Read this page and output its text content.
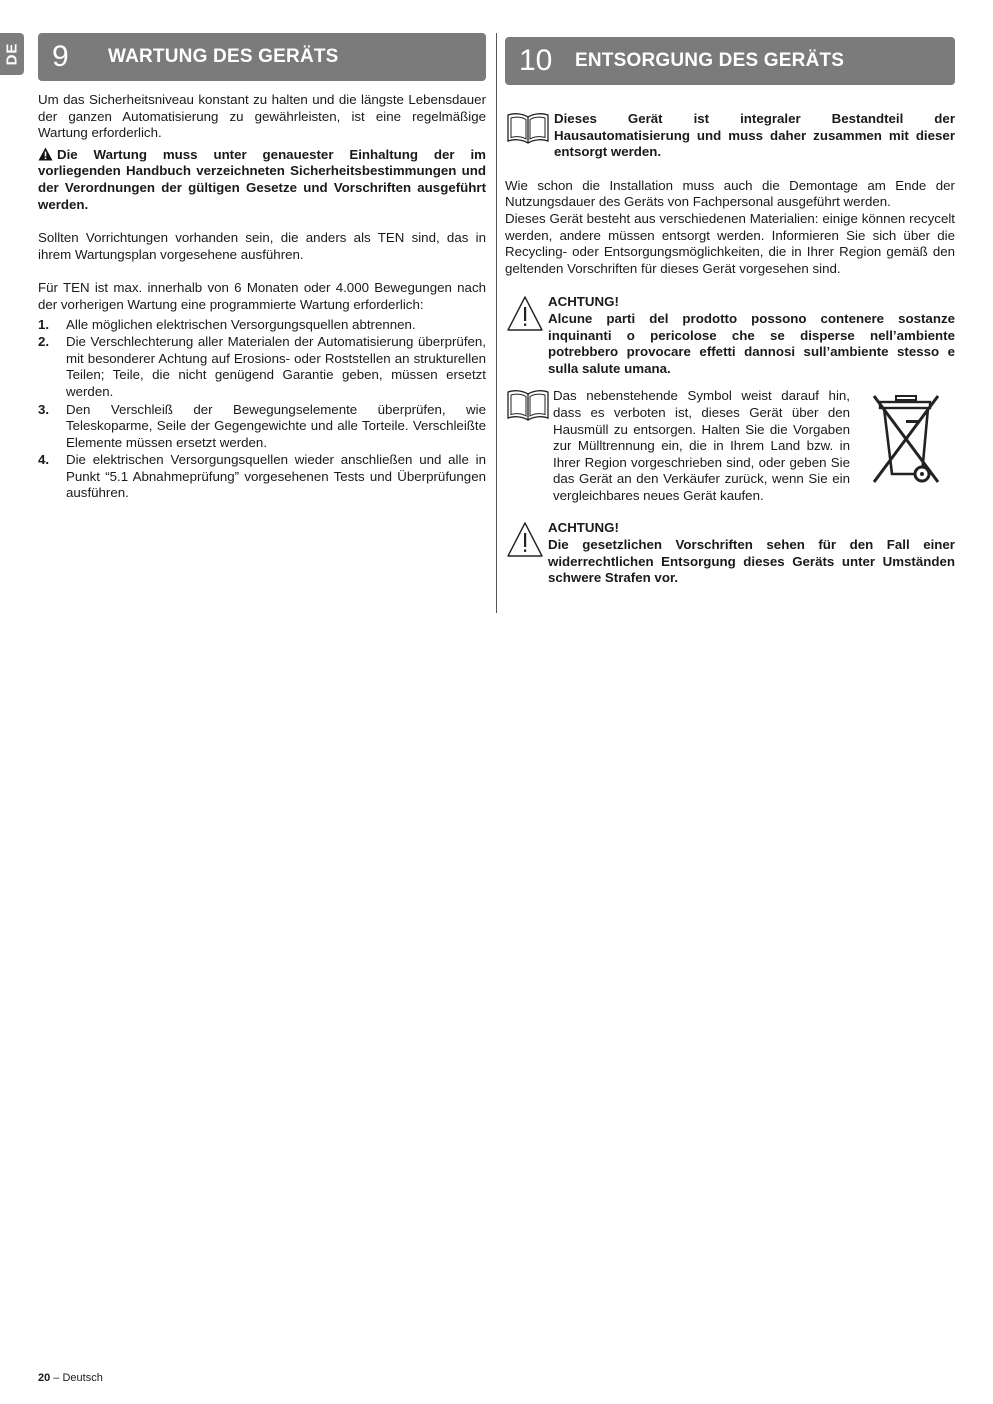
DE	9	WARTUNG DES GERÄTS

Um das Sicherheitsniveau konstant zu halten und die längste Lebensdauer der ganzen Automatisierung zu gewährleisten, ist eine regelmäßige Wartung erforderlich.

Die Wartung muss unter genauester Einhaltung der im vorliegenden Handbuch verzeichneten Sicherheitsbestimmungen und der Verordnungen der gültigen Gesetze und Vorschriften ausgeführt werden.

Sollten Vorrichtungen vorhanden sein, die anders als TEN sind, das in ihrem Wartungsplan vorgesehene ausführen.

Für TEN ist max. innerhalb von 6 Monaten oder 4.000 Bewegungen nach der vorherigen Wartung eine programmierte Wartung erforderlich:

1.	Alle möglichen elektrischen Versorgungsquellen abtrennen.
2.	Die Verschlechterung aller Materialen der Automatisierung überprüfen, mit besonderer Achtung auf Erosions- oder Roststellen an strukturellen Teilen; Teile, die nicht genügend Garantie geben, müssen ersetzt werden.
3.	Den Verschleiß der Bewegungselemente überprüfen, wie Teleskoparme, Seile der Gegengewichte und alle Torteile. Verschleißte Elemente müssen ersetzt werden.
4.	Die elektrischen Versorgungsquellen wieder anschließen und alle in Punkt “5.1 Abnahmeprüfung” vorgesehenen Tests und Überprüfungen ausführen.
10	ENTSORGUNG DES GERÄTS

Dieses Gerät ist integraler Bestandteil der Hausautomatisierung und muss daher zusammen mit dieser entsorgt werden.

Wie schon die Installation muss auch die Demontage am Ende der Nutzungsdauer des Geräts von Fachpersonal ausgeführt werden.

Dieses Gerät besteht aus verschiedenen Materialien: einige können recycelt werden, andere müssen entsorgt werden. Informieren Sie sich über die Recycling- oder Entsorgungsmöglichkeiten, die in Ihrer Region gemäß den geltenden Vorschriften für dieses Gerät vorgesehen sind.

ACHTUNG!

Alcune parti del prodotto possono contenere sostanze inquinanti o pericolose che se disperse nell’ambiente potrebbero provocare effetti dannosi sull’ambiente stesso e sulla salute umana.

Das nebenstehende Symbol weist darauf hin, dass es verboten ist, dieses Gerät über den Hausmüll zu entsorgen. Halten Sie die Vorgaben zur Mülltrennung ein, die in Ihrem Land bzw. in Ihrer Region vorgeschrieben sind, oder geben Sie das Gerät an den Verkäufer zurück, wenn Sie ein vergleichbares neues Gerät kaufen.

ACHTUNG!

Die gesetzlichen Vorschriften sehen für den Fall einer widerrechtlichen Entsorgung dieses Geräts unter Umständen schwere Strafen vor.

20 – Deutsch
